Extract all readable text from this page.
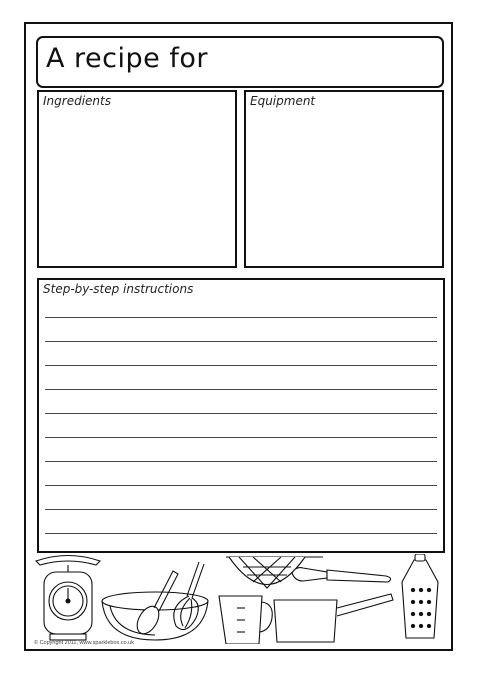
A recipe for
Ingredients	Equipment
Step-by-step instructions
© Copyright 2011, www.sparklebox.co.uk
